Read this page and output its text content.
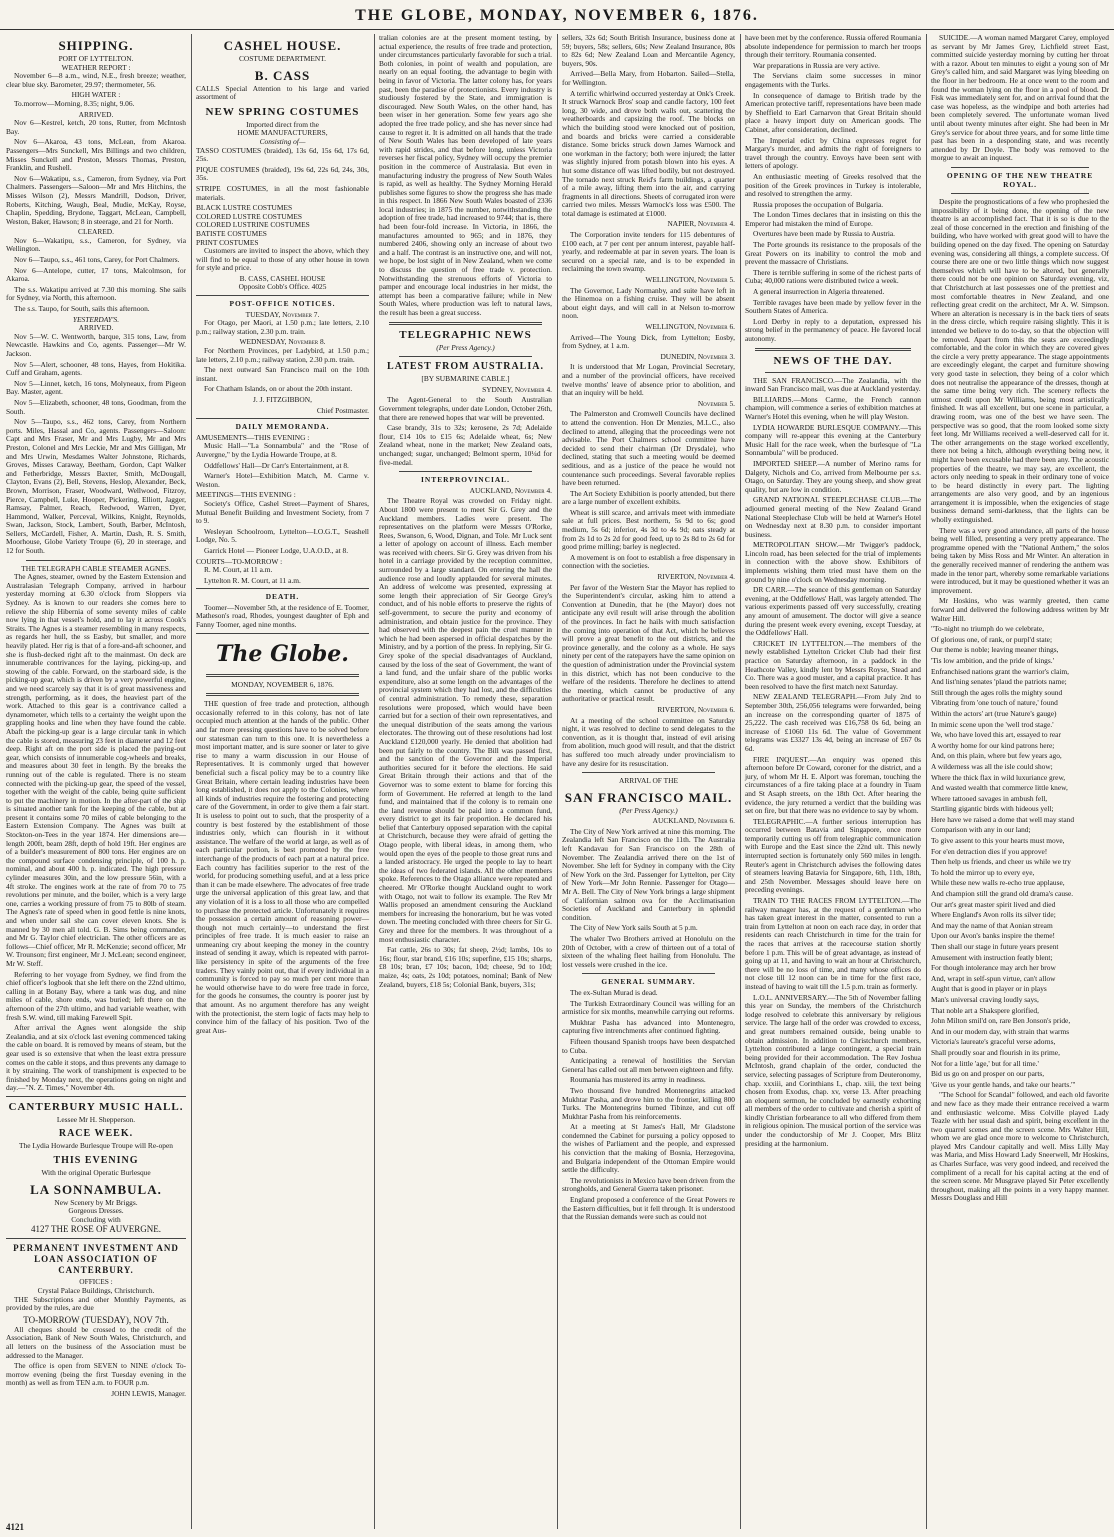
THE GLOBE, MONDAY, NOVEMBER 6, 1876.
SHIPPING.
PORT OF LYTTELTON.
WEATHER REPORT :

November 6—8 a.m., wind, N.E., fresh breeze; weather, clear blue sky. Barometer, 29.97; thermometer, 56.

HIGH WATER :

To.morrow—Morning, 8.35; night, 9.06.

ARRIVED.

Nov 6—Kestrel, ketch, 20 tons, Rutter, from McIntosh Bay.

Nov 6—Akaroa, 43 tons, McLean, from Akaroa. Passengers—Mrs Sunckell, Mrs Billings and two children, Misses Sunckell and Preston, Messrs Thomas, Preston, Franklin, and Rushell.

Nov 6—Wakatipu, s.s., Cameron, from Sydney, via Port Chalmers. Passengers—Saloon—Mr and Mrs Hitchins, the Misses Wilson (2), Messrs Mandrill, Dodson, Driver, Roberts, Kitching, Waugh, Beal, Mudie, McKay, Royse, Chaplin, Spedding, Brydone, Taggart, McLean, Campbell, Weston, Baker, Hawson; 8 in steerage, and 21 for North.

CLEARED.

Nov 6—Wakatipu, s.s., Cameron, for Sydney, via Wellington.

Nov 6—Taupo, s.s., 461 tons, Carey, for Port Chalmers.

Nov 6—Antelope, cutter, 17 tons, Malcolmson, for Akaroa.

The s.s. Wakatipu arrived at 7.30 this morning. She sails for Sydney, via North, this afternoon.

The s.s. Taupo, for South, sails this afternoon.

YESTERDAY'S.
ARRIVED.

Nov 5—W. C. Wentworth, barque, 315 tons, Law, from Newcastle. Hawkins and Co, agents. Passenger—Mr W. Jackson.

Nov 5—Alert, schooner, 48 tons, Hayes, from Hokitika. Cuff and Graham, agents.

Nov 5—Linnet, ketch, 16 tons, Molyneaux, from Pigeon Bay. Master, agent.

Nov 5—Elizabeth, schooner, 48 tons, Goodman, from the South.

Nov 5—Taupo, s.s., 462 tons, Carey, from Northern ports. Miles, Hassal and Co, agents. Passengers—Saloon: Capt and Mrs Fraser, Mr and Mrs Lugby, Mr and Mrs Preston, Colonel and Mrs Leckie, Mr and Mrs Gilligan, Mr and Mrs Urwin, Mesdames Walter Johnstone, Richards, Groves, Misses Caraway, Beetham, Gordon, Capt Walker and Fetherbridge, Messrs Baxter, Smith, McDougall, Clayton, Evans (2), Bell, Stevens, Heslop, Alexander, Beck, Brown, Morrison, Fraser, Woodward, Wellwood, Fitzroy, Pierce, Campbell, Luke, Hooper, Pickering, Elliott, Jagger, Ramsay, Palmer, Reach, Redwood, Warren, Dyer, Hammond, Walker, Perceval, Wilkins, Knight, Reynolds, Swan, Jackson, Stock, Lambert, South, Barber, McIntosh, Sellers, McCardell, Fisher, A. Martin, Dash, R. S. Smith, Moorhouse, Globe Variety Troupe (6), 20 in steerage, and 12 for South.

THE TELEGRAPH CABLE STEAMER AGNES.

The Agnes, steamer, owned by the Eastern Extension and Australasian Telegraph Company, arrived in harbour yesterday morning at 6.30 o'clock from Sloppers via Sydney. As is known to our readers she comes here to relieve the ship Hibernia of some seventy miles of cable now lying in that vessel's hold, and to lay it across Cook's Straits. The Agnes is a steamer resembling in many respects, as regards her hull, the ss Easby, but smaller, and more heavily plated. Her rig is that of a fore-and-aft schooner, and she is flush-decked right aft to the mainmast. On deck are innumerable contrivances for the laying, picking-up, and stowing of the cable. Forward, on the starboard side, is the picking-up gear, which is driven by a very powerful engine, and we need scarcely say that it is of great massiveness and strength, performing, as it does, the heaviest part of the work. Attached to this gear is a contrivance called a dynamometer, which tells to a certainty the weight upon the grappling hooks and line when they have found the cable. Abaft the picking-up gear is a large circular tank in which the cable is stored, measuring 23 feet in diameter and 12 feet deep. Right aft on the port side is placed the paying-out gear, which consists of innumerable cog-wheels and breaks, and measures about 30 feet in length. By the breaks the running out of the cable is regulated. There is no steam connected with the picking-up gear, the speed of the vessel, together with the weight of the cable, being quite sufficient to put the machinery in motion. In the after-part of the ship is situated another tank for the keeping of the cable, but at present it contains some 70 miles of cable belonging to the Eastern Extension Company. The Agnes was built at Stockton-on-Tees in the year 1874. Her dimensions are—length 200ft, beam 28ft, depth of hold 19ft. Her engines are of a builder's measurement of 800 tons. Her engines are on the compound surface condensing principle, of 100 h. p. nominal, and about 400 h. p. indicated. The high pressure cylinder measures 30in, and the low pressure 56in, with a 4ft stroke. The engines work at the rate of from 70 to 75 revolutions per minute, and the boiler, which is a very large one, carries a working pressure of from 75 to 80lb of steam. The Agnes's rate of speed when in good fettle is nine knots, and when under sail she can cover eleven knots. She is manned by 30 men all told. G. B. Sims being commander, and Mr G. Taylor chief electrician. The other officers are as follows—Chief officer, Mr R. McKenzie; second officer, Mr W. Trounson; first engineer, Mr J. McLean; second engineer, Mr W. Steff.

Referring to her voyage from Sydney, we find from the chief officer's logbook that she left there on the 22nd ultimo, calling in at Botany Bay, where a tank was dug, and nine miles of cable, shore ends, was buried; left there on the afternoon of the 27th ultimo, and had variable weather, with fresh S.W. wind, till making Farewell Spit.

After arrival the Agnes went alongside the ship Zealandia, and at six o'clock last evening commenced taking the cable on board. It is removed by means of steam, but the gear used is so extensive that when the least extra pressure comes on the cable it stops, and thus prevents any damage to it by straining. The work of transhipment is expected to be finished by Monday next, the operations going on night and day.—"N. Z. Times," November 4th.

CANTERBURY MUSIC HALL.
Lessee Mr H. Shepperson.
RACE WEEK.
The Lydia Howarde Burlesque Troupe will Re-open
THIS EVENING
With the original Operatic Burlesque
LA SONNAMBULA.
New Scenery by Mr Briggs.
Gorgeous Dresses.
Concluding with
4127 THE ROSE OF AUVERGNE.
PERMANENT INVESTMENT AND LOAN ASSOCIATION OF CANTERBURY.
OFFICES :
Crystal Palace Buildings, Christchurch.

THE Subscriptions and other Monthly Payments, as provided by the rules, are due

TO-MORROW (TUESDAY), NOV 7th.

All cheques should be crossed to the credit of the Association, Bank of New South Wales, Christchurch, and all letters on the business of the Association must be addressed to the Manager.

The office is open from SEVEN to NINE o'clock To-morrow evening (being the first Tuesday evening in the month) as well as from TEN a.m. to FOUR p.m.

JOHN LEWIS, Manager.
CASHEL HOUSE.
COSTUME DEPARTMENT.
B. CASS

CALLS Special Attention to his large and varied assortment of

NEW SPRING COSTUMES
Imported direct from the
HOME MANUFACTURERS,
Consisting of—

TASSO COSTUMES (braided), 13s 6d, 15s 6d, 17s 6d, 25s.

PIQUE COSTUMES (braided), 19s 6d, 22s 6d, 24s, 30s, 35s.

STRIPE COSTUMES, in all the most fashionable materials.

BLACK LUSTRE COSTUMES
COLORED LUSTRE COSTUMES
COLORED LUSTRINE COSTUMES
BATISTE COSTUMES
PRINT COSTUMES

Customers are invited to inspect the above, which they will find to be equal to those of any other house in town for style and price.

B. CASS, CASHEL HOUSE
Opposite Cobb's Office. 4025
POST-OFFICE NOTICES.
TUESDAY, November 7.

For Otago, per Maori, at 1.50 p.m.; late letters, 2.10 p.m.; railway station, 2.30 p.m. train.

WEDNESDAY, November 8.

For Northern Provinces, per Ladybird, at 1.50 p.m.; late letters, 2.10 p.m.; railway station, 2.30 p.m. train.

The next outward San Francisco mail on the 10th instant.

For Chatham Islands, on or about the 20th instant.

J. J. FITZGIBBON,
Chief Postmaster.
DAILY MEMORANDA.
AMUSEMENTS—THIS EVENING :

Music Hall—"La Sonnambula" and the "Rose of Auvergne," by the Lydia Howarde Troupe, at 8.

Oddfellows' Hall—Dr Carr's Entertainment, at 8.

Warner's Hotel—Exhibition Match, M. Carme v. Weston.

MEETINGS—THIS EVENING :

Society's Office, Cashel Street—Payment of Shares, Mutual Benefit Building and Investment Society, from 7 to 9.

Wesleyan Schoolroom, Lyttelton—I.O.G.T., Seashell Lodge, No. 5.

Garrick Hotel — Pioneer Lodge, U.A.O.D., at 8.

COURTS—TO-MORROW :

R. M. Court, at 11 a.m.

Lyttelton R. M. Court, at 11 a.m.

DEATH.

Toomer—November 5th, at the residence of E. Toomer, Matheson's road, Rhodes, youngest daughter of Eph and Fanny Toomer, aged nine months.

The Globe.
MONDAY, NOVEMBER 6, 1876.

THE question of free trade and protection, although occasionally referred to in this colony, has not of late occupied much attention at the hands of the public. Other and far more pressing questions have to be solved before our statesman can turn to this one. It is nevertheless a most important matter, and is sure sooner or later to give rise to many a warm discussion in our House of Representatives. It is commonly urged that however beneficial such a fiscal policy may be to a country like Great Britain, where certain leading industries have been long established, it does not apply to the Colonies, where all kinds of industries require the fostering and protecting care of the Government, in order to give them a fair start. It is useless to point out to such, that the prosperity of a country is best fostered by the establishment of those industries only, which can flourish in it without assistance. The welfare of the world at large, as well as of each particular portion, is best promoted by the free interchange of the products of each part at a natural price. Each country has facilities superior to the rest of the world, for producing something useful, and at a less price than it can be made elsewhere. The advocates of free trade urge the universal application of this great law, and that any violation of it is a loss to all those who are compelled to purchase the protected article. Unfortunately it requires the possession a certain amount of reasoning power—though not much certainly—to understand the first principles of free trade. It is much easier to raise an unmeaning cry about keeping the money in the country instead of sending it away, which is repeated with parrot-like persistency in spite of the arguments of the free traders. They vainly point out, that if every individual in a community is forced to pay so much per cent more than he would otherwise have to do were free trade in force, for the goods he consumes, the country is poorer just by that amount. As no argument therefore has any weight with the protectionist, the stern logic of facts may help to convince him of the fallacy of his position. Two of the great Aus-

tralian colonies are at the present moment testing, by actual experience, the results of free trade and protection, under circumstances particularly favorable for such a trial. Both colonies, in point of wealth and population, are nearly on an equal footing, the advantage to begin with being in favor of Victoria. The latter colony has, for years past, been the paradise of protectionists. Every industry is studiously fostered by the State, and immigration is discouraged. New South Wales, on the other hand, has been wiser in her generation. Some few years ago she adopted the free trade policy, and she has never since had cause to regret it. It is admitted on all hands that the trade of New South Wales has been developed of late years with rapid strides, and that before long, unless Victoria reverses her fiscal policy, Sydney will occupy the premier position in the commerce of Australasia. But even in manufacturing industry the progress of New South Wales is rapid, as well as healthy. The Sydney Morning Herald publishes some figures to show the progress she has made in this respect. In 1866 New South Wales boasted of 2336 local industries; in 1875 the number, notwithstanding the adoption of free trade, had increased to 9744; that is, there had been four-fold increase. In Victoria, in 1866, the manufactures amounted to 965; and in 1876, they numbered 2406, showing only an increase of about two and a half. The contrast is an instructive one, and will not, we hope, be lost sight of in New Zealand, when we come to discuss the question of free trade v. protection. Notwithstanding the strenuous efforts of Victoria to pamper and encourage local industries in her midst, the attempt has been a comparative failure; while in New South Wales, where production was left to natural laws, the result has been a great success.

TELEGRAPHIC NEWS
(Per Press Agency.)
LATEST FROM AUSTRALIA.
[BY SUBMARINE CABLE.]
SYDNEY, November 4.

The Agent-General to the South Australian Government telegraphs, under date London, October 26th, that there are renewed hopes that war will be prevented.

Case brandy, 31s to 32s; kerosene, 2s 7d; Adelaide flour, £14 10s to £15 6s; Adelaide wheat, 6s; New Zealand wheat, none in the market; New Zealand oats, unchanged; sugar, unchanged; Belmont sperm, 10¼d for five-medal.

INTERPROVINCIAL.
AUCKLAND, November 4.

The Theatre Royal was crowded on Friday night. About 1800 were present to meet Sir G. Grey and the Auckland members. Ladies were present. The representatives on the platform were Messrs O'Rorke, Rees, Swanson, 6, Wood, Dignan, and Tole. Mr Luck sent a letter of apology on account of illness. Each member was received with cheers. Sir G. Grey was driven from his hotel in a carriage provided by the reception committee, surrounded by a large standard. On entering the hall the audience rose and loudly applauded for several minutes. An address of welcome was presented, expressing at some length their appreciation of Sir George Grey's conduct, and of his noble efforts to preserve the rights of self-government, to secure the purity and economy of administration, and obtain justice for the province. They had observed with the deepest pain the cruel manner in which he had been aspersed in official despatches by the Ministry, and by a portion of the press. In replying, Sir G. Grey spoke of the special disadvantages of Auckland, caused by the loss of the seat of Government, the want of a land fund, and the unfair share of the public works expenditure, also at some length on the advantages of the provincial system which they had lost, and the difficulties of central administration. To remedy these, separation resolutions were proposed, which would have been carried but for a section of their own representatives, and the unequal distribution of the seats among the various electorates. The throwing out of these resolutions had lost Auckland £120,000 yearly. He denied that abolition had been put fairly to the country. The Bill was passed first, and the sanction of the Governor and the Imperial authorities secured for it before the elections. He said Great Britain through their actions and that of the Governor was to some extent to blame for forcing this form of Government. He referred at length to the land fund, and maintained that if the colony is to remain one the land revenue should be paid into a common fund, every district to get its fair proportion. He declared his belief that Canterbury opposed separation with the capital at Christchurch, because they were afraid of getting the Otago people, with liberal ideas, in among them, who would open the eyes of the people to those great runs and a landed aristocracy. He urged the people to lay to heart the ideas of two federated islands. All the other members spoke. References to the Otago alliance were repeated and cheered. Mr O'Rorke thought Auckland ought to work with Otago, not wait to follow its example. The Rev Mr Wallis proposed an amendment censuring the Auckland members for increasing the honorarium, but he was voted down. The meeting concluded with three cheers for Sir G. Grey and three for the members. It was throughout of a most enthusiastic character.

Fat cattle, 26s to 30s; fat sheep, 2½d; lambs, 10s to 16s; flour, star brand, £16 10s; superfine, £15 10s; sharps, £8 10s; bran, £7 10s; bacon, 10d; cheese, 9d to 10d; maize, 4s; oats, 2s 10d; potatoes, nominal; Bank of New Zealand, buyers, £18 5s; Colonial Bank, buyers, 31s;

sellers, 32s 6d; South British Insurance, business done at 59; buyers, 58s; sellers, 60s; New Zealand Insurance, 80s to 82s 6d; New Zealand Loan and Mercantile Agency, buyers, 90s.

Arrived—Bella Mary, from Hobarton. Sailed—Stella, for Wellington.

A terrific whirlwind occurred yesterday at Onk's Creek. It struck Warnock Bros' soap and candle factory, 100 feet long, 30 wide, and drove both walls out, scattering the weatherboards and capsizing the roof. The blocks on which the building stood were knocked out of position, and boards and bricks were carried a considerable distance. Some bricks struck down James Warnock and one workman in the factory; both were injured; the latter was slightly injured from potash blown into his eyes. A hut some distance off was lifted bodily, but not destroyed. The tornado next struck Reid's farm buildings, a quarter of a mile away, lifting them into the air, and carrying fragments in all directions. Sheets of corrugated iron were carried two miles. Messrs Warnock's loss was £500. The total damage is estimated at £1000.

NAPIER, November 4.

The Corporation invite tenders for 115 debentures of £100 each, at 7 per cent per annum interest, payable half-yearly, and redeemable at par in seven years. The loan is secured on a special rate, and is to be expended in reclaiming the town swamp.

WELLINGTON, November 5.

The Governor, Lady Normanby, and suite have left in the Hinemoa on a fishing cruise. They will be absent about eight days, and will call in at Nelson to-morrow noon.

WELLINGTON, November 6.

Arrived—The Young Dick, from Lyttelton; Eosby, from Sydney, at 1 a.m.

DUNEDIN, November 3.

It is understood that Mr Logan, Provincial Secretary, and a number of the provincial officers, have received twelve months' leave of absence prior to abolition, and that an inquiry will be held.

November 5.

The Palmerston and Cromwell Councils have declined to attend the convention. Hon Dr Menzies, M.L.C., also declined to attend, alleging that the proceedings were not advisable. The Port Chalmers school committee have decided to send their chairman (Dr Drysdale), who declined, stating that such a meeting would be deemed seditious, and as a justice of the peace he would not countenance such proceedings. Several favorable replies have been returned.

The Art Society Exhibition is poorly attended, but there are a large number of excellent exhibits.

Wheat is still scarce, and arrivals meet with immediate sale at full prices. Best northern, 5s 9d to 6s; good medium, 5s 6d; inferior, 4s 3d to 4s 9d; oats steady at from 2s 1d to 2s 2d for good feed, up to 2s 8d to 2s 6d for good prime milling; barley is neglected.

A movement is on foot to establish a free dispensary in connection with the societies.

RIVERTON, November 4.

Per favor of the Western Star the Mayor has replied to the Superintendent's circular, asking him to attend a Convention at Dunedin, that he (the Mayor) does not anticipate any evil result will arise through the abolition of the provinces. In fact he hails with much satisfaction the coming into operation of that Act, which he believes will prove a great benefit to the out districts, and the province generally, and the colony as a whole. He says ninety per cent of the ratepayers have the same opinion on the question of administration under the Provincial system in this district, which has not been conducive to the welfare of the residents. Therefore he declines to attend the meeting, which cannot be productive of any authoritative or practical result.

RIVERTON, November 6.

At a meeting of the school committee on Saturday night, it was resolved to decline to send delegates to the convention, as it is thought that, instead of evil arising from abolition, much good will result, and that the district has suffered too much already under provincialism to have any desire for its resuscitation.

ARRIVAL OF THE
SAN FRANCISCO MAIL.
(Per Press Agency.)
AUCKLAND, November 6.

The City of New York arrived at nine this morning. The Zealandia left San Francisco on the 11th. The Australia left Kandavau for San Francisco on the 28th of November. The Zealandia arrived there on the 1st of November. She left for Sydney in company with the City of New York on the 3rd. Passenger for Lyttelton, per City of New York—Mr John Rennie. Passenger for Otago—Mr A. Bell. The City of New York brings a large shipment of Californian salmon ova for the Acclimatisation Societies of Auckland and Canterbury in splendid condition.

The City of New York sails South at 5 p.m.

The whaler Two Brothers arrived at Honolulu on the 20th of October, with a crew of thirteen out of a total of sixteen of the whaling fleet hailing from Honolulu. The lost vessels were crushed in the ice.

GENERAL SUMMARY.

The ex-Sultan Murad is dead.

The Turkish Extraordinary Council was willing for an armistice for six months, meanwhile carrying out reforms.

Mukhtar Pasha has advanced into Montenegro, capturing five intrenchments after continued fighting.

Fifteen thousand Spanish troops have been despatched to Cuba.

Anticipating a renewal of hostilities the Servian General has called out all men between eighteen and fifty.

Roumania has mustered its army in readiness.

Two thousand five hundred Montenegrins attacked Mukhtar Pasha, and drove him to the frontier, killing 800 Turks. The Montenegrins burned Tibinze, and cut off Mukhtar Pasha from his reinforcements.

At a meeting at St James's Hall, Mr Gladstone condemned the Cabinet for pursuing a policy opposed to the wishes of Parliament and the people, and expressed his conviction that the making of Bosnia, Herzegovina, and Bulgaria independent of the Ottoman Empire would settle the difficulty.

The revolutionists in Mexico have been driven from the strongholds, and General Guerra taken prisoner.

England proposed a conference of the Great Powers re the Eastern difficulties, but it fell through. It is understood that the Russian demands were such as could not

have been met by the conference. Russia offered Roumania absolute independence for permission to march her troops through their territory. Roumania consented.

War preparations in Russia are very active.

The Servians claim some successes in minor engagements with the Turks.

In consequence of damage to British trade by the American protective tariff, representations have been made by Sheffield to Earl Carnarvon that Great Britain should place a heavy import duty on American goods. The Cabinet, after consideration, declined.

The Imperial edict by China expresses regret for Margary's murder, and admits the right of foreigners to travel through the country. Envoys have been sent with letters of apology.

An enthusiastic meeting of Greeks resolved that the position of the Greek provinces in Turkey is intolerable, and resolved to strengthen the army.

Russia proposes the occupation of Bulgaria.

The London Times declares that in insisting on this the Emperor had mistaken the mind of Europe.

Overtures have been made by Russia to Austria.

The Porte grounds its resistance to the proposals of the Great Powers on its inability to control the mob and prevent the massacre of Christians.

There is terrible suffering in some of the richest parts of Cuba; 40,000 rations were distributed twice a week.

A general insurrection in Algeria threatened.

Terrible ravages have been made by yellow fever in the Southern States of America.

Lord Derby in reply to a deputation, expressed his strong belief in the permanency of peace. He favored local autonomy.

NEWS OF THE DAY.

THE SAN FRANCISCO.—The Zealandia, with the inward San Francisco mail, was due at Auckland yesterday.

BILLIARDS.—Mons Carme, the French cannon champion, will commence a series of exhibition matches at Warner's Hotel this evening, when he will play Weston.

LYDIA HOWARDE BURLESQUE COMPANY.—This company will re-appear this evening at the Canterbury Music Hall for the race week, when the burlesque of "La Sonnambula" will be produced.

IMPORTED SHEEP.—A number of Merino rams for Dalgety, Nichols and Co, arrived from Melbourne per s.s. Otago, on Saturday. They are young sheep, and show great quality, but are low in condition.

GRAND NATIONAL STEEPLECHASE CLUB.—The adjourned general meeting of the New Zealand Grand National Steeplechase Club will be held at Warner's Hotel on Wednesday next at 8.30 p.m. to consider important business.

METROPOLITAN SHOW.—Mr Twigger's paddock, Lincoln road, has been selected for the trial of implements in connection with the above show. Exhibitors of implements wishing them tried must have them on the ground by nine o'clock on Wednesday morning.

DR CARR.—The seance of this gentleman on Saturday evening, at the Oddfellows' Hall, was largely attended. The various experiments passed off very successfully, creating any amount of amusement. The doctor will give a seance during the present week every evening, except Tuesday, at the Oddfellows' Hall.

CRICKET IN LYTTELTON.—The members of the newly established Lyttelton Cricket Club had their first practice on Saturday afternoon, in a paddock in the Heathcote Valley, kindly lent by Messrs Royse, Stead and Co. There was a good muster, and a capital practice. It has been resolved to have the first match next Saturday.

NEW ZEALAND TELEGRAPH.—From July 2nd to September 30th, 256,056 telegrams were forwarded, being an increase on the corresponding quarter of 1875 of 25,222. The cash received was £16,758 0s 6d, being an increase of £1060 11s 6d. The value of Government telegrams was £3327 13s 4d, being an increase of £67 0s 6d.

FIRE INQUEST.—An enquiry was opened this afternoon before Dr Coward, coroner for the district, and a jury, of whom Mr H. E. Alport was foreman, touching the circumstances of a fire taking place at a foundry in Tuam and St Asaph streets, on the 18th Oct. After hearing the evidence, the jury returned a verdict that the building was set on fire, but that there was no evidence to say by whom.

TELEGRAPHIC.—A further serious interruption has occurred between Batavia and Singapore, once more temporarily cutting us off from telegraphic communication with Europe and the East since the 22nd ult. This newly interrupted section is fortunately only 560 miles in length. Reuter's agent in Christchurch advises the following dates of steamers leaving Batavia for Singapore, 6th, 11th, 18th, and 25th November. Messages should leave here on preceding evenings.

TRAIN TO THE RACES FROM LYTTELTON.—The railway manager has, at the request of a gentleman who has taken great interest in the matter, consented to run a train from Lyttelton at noon on each race day, in order that residents can reach Christchurch in time for the train for the races that arrives at the racecourse station shortly before 1 p.m. This will be of great advantage, as instead of going up at 11, and having to wait an hour at Christchurch, there will be no loss of time, and many whose offices do not close till 12 noon can be in time for the first race, instead of having to wait till the 1.5 p.m. train as formerly.

L.O.L. ANNIVERSARY.—The 5th of November falling this year on Sunday, the members of the Christchurch lodge resolved to celebrate this anniversary by religious service. The large hall of the order was crowded to excess, and great numbers remained outside, being unable to obtain admission. In addition to Christchurch members, Lyttelton contributed a large contingent, a special train being provided for their accommodation. The Rev Joshua McIntosh, grand chaplain of the order, conducted the service, selecting passages of Scripture from Deuteronomy, chap. xxxiii, and Corinthians I., chap. xiii, the text being chosen from Exodus, chap. xv, verse 13. After preaching an eloquent sermon, he concluded by earnestly exhorting all members of the order to cultivate and cherish a spirit of kindly Christian forbearance to all who differed from them in religious opinion. The musical portion of the service was under the conductorship of Mr J. Cooper, Mrs Blitz presiding at the harmonium.

SUICIDE.—A woman named Margaret Carey, employed as servant by Mr James Grey, Lichfield street East, committed suicide yesterday morning by cutting her throat with a razor. About ten minutes to eight a young son of Mr Grey's called him, and said Margaret was lying bleeding on the floor in her bedroom. He at once went to the room and found the woman lying on the floor in a pool of blood. Dr Fisk was immediately sent for, and on arrival found that the case was hopeless, as the windpipe and both arteries had been completely severed. The unfortunate woman lived until about twenty minutes after eight. She had been in Mr Grey's service for about three years, and for some little time past has been in a desponding state, and was recently attended by Dr Doyle. The body was removed to the morgue to await an inquest.

OPENING OF THE NEW THEATRE ROYAL.

Despite the prognostications of a few who prophesied the impossibility of it being done, the opening of the new theatre is an accomplished fact. That it is so is due to the zeal of those concerned in the erection and finishing of the building, who have worked with great good will to have the building opened on the day fixed. The opening on Saturday evening was, considering all things, a complete success. Of course there are one or two little things which now suggest themselves which will have to be altered, but generally there could not be one opinion on Saturday evening, viz, that Christchurch at last possesses one of the prettiest and most comfortable theatres in New Zealand, and one reflecting great credit on the architect, Mr A. W. Simpson. Where an alteration is necessary is in the back tiers of seats in the dress circle, which require raising slightly. This it is intended we believe to do to-day, so that the objection will be removed. Apart from this the seats are exceedingly comfortable, and the color in which they are covered gives the circle a very pretty appearance. The stage appointments are exceedingly elegant, the carpet and furniture showing very good taste in selection, they being of a color which does not neutralise the appearance of the dresses, though at the same time being very rich. The scenery reflects the utmost credit upon Mr Williams, being most artistically finished. It was all excellent, but one scene in particular, a drawing room, was one of the best we have seen. The perspective was so good, that the room looked some sixty feet long. Mr Williams received a well-deserved call for it. The other arrangements on the stage worked excellently, there not being a hitch, although everything being new, it might have been excusable had there been any. The acoustic properties of the theatre, we may say, are excellent, the actors only needing to speak in their ordinary tone of voice to be heard distinctly in every part. The lighting arrangements are also very good, and by an ingenious arrangement it is impossible, when the exigencies of stage business demand semi-darkness, that the lights can be wholly extinguished.

There was a very good attendance, all parts of the house being well filled, presenting a very pretty appearance. The programme opened with the "National Anthem," the solos being taken by Miss Ross and Mr Winter. An alteration in the generally received manner of rendering the anthem was made in the tenor part, whereby some remarkable variations were introduced, but it may be questioned whether it was an improvement.

Mr Hoskins, who was warmly greeted, then came forward and delivered the following address written by Mr Walter Hill.

"To-night no triumph do we celebrate,

Of glorious one, of rank, or purpl'd state;

Our theme is noble; leaving meaner things,

'Tis low ambition, and the pride of kings.'

Enfranchised nations grant the warrior's claim,

And list'ning senates 'plaud the patriots name;

Still through the ages rolls the mighty sound

Vibrating from 'one touch of nature,' found

Within the actors' art (true Nature's gauge)

In mimic scene upon the 'well trod stage.'

We, who have loved this art, essayed to rear

A worthy home for our kind patrons here;

And, on this plain, where but few years ago,

A wilderness was all the isle could show;

Where the thick flax in wild luxuriance grew,

And wasted wealth that commerce little knew,

Where tattooed savages in ambush fell,

Startling gigantic birds with hideous yell;

Here have we raised a dome that well may stand

Comparison with any in our land;

To give assent to this your hearts must move,

For e'en detraction dies if you approve!

Then help us friends, and cheer us while we try

To hold the mirror up to every eye,

While these new walls re-echo true applause,

And champion still the grand old drama's cause.

Our art's great master spirit lived and died

Where England's Avon rolls its silver tide;

And may the name of that Aonian stream

Upon our Avon's banks inspire the theme!

Then shall our stage in future years present

Amusement with instruction featly blent;

For though intolerance may arch her brow

And, wrapt in self-spun virtue, can't allow

Aught that is good in player or in plays

Man's universal craving loudly says,

That noble art a Shakspere glorified,

John Milton smil'd on, rare Ben Jonson's pride,

And in our modern day, with strain that warms

Victoria's laureate's graceful verse adorns,

Shall proudly soar and flourish in its prime,

Not for a little 'age,' but for all time.'

Bid us go on and prosper on our parts,

'Give us your gentle hands, and take our hearts.'"

"The School for Scandal" followed, and each old favorite and new face as they made their entrance received a warm and enthusiastic welcome. Miss Colville played Lady Teazle with her usual dash and spirit, being excellent in the two quarrel scenes and the screen scene. Mrs Walter Hill, whom we are glad once more to welcome to Christchurch, played Mrs Candour capitally and well. Miss Lilly May was Maria, and Miss Howard Lady Sneerwell, Mr Hoskins, as Charles Surface, was very good indeed, and received the compliment of a recall for his capital acting at the end of the screen scene. Mr Musgrave played Sir Peter excellently throughout, making all the points in a very happy manner. Messrs Douglass and Hill

4121
